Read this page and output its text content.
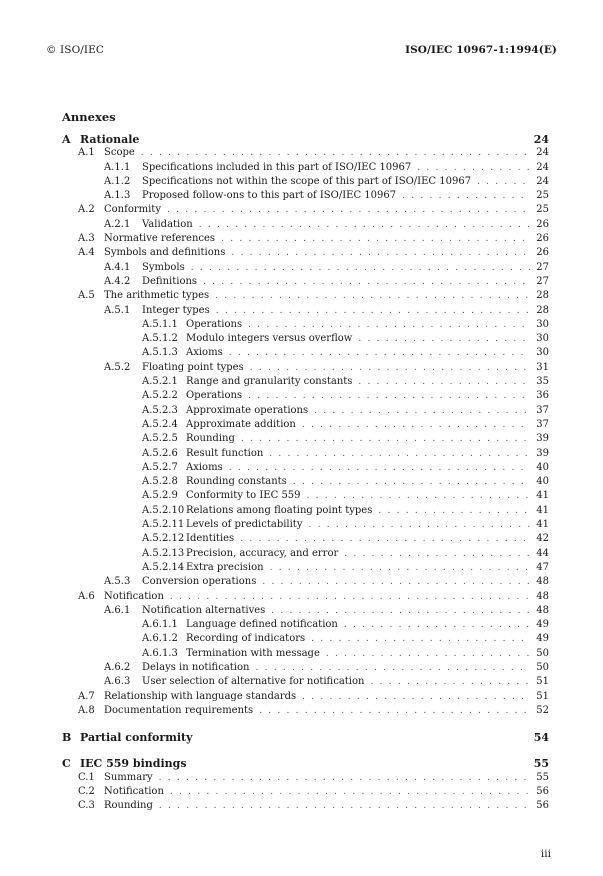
© ISO/IEC	ISO/IEC 10967-1:1994(E)
Annexes
A Rationale	24
A.1 Scope . . .	24
A.1.1	Specifications included in this part of ISO/IEC 10967 . . .	24
A.1.2	Specifications not within the scope of this part of ISO/IEC 10967 . . .	24
A.1.3	Proposed follow-ons to this part of ISO/IEC 10967 . . .	25
A.2 Conformity . . .	25
A.2.1	Validation . . .	26
A.3 Normative references . . .	26
A.4 Symbols and definitions . . .	26
A.4.1	Symbols . . .	27
A.4.2	Definitions . . .	27
A.5 The arithmetic types . . .	28
A.5.1	Integer types . . .	28
A.5.1.1 Operations . . .	30
A.5.1.2 Modulo integers versus overflow . . .	30
A.5.1.3 Axioms . . .	30
A.5.2	Floating point types . . .	31
A.5.2.1 Range and granularity constants . . .	35
A.5.2.2 Operations . . .	36
A.5.2.3 Approximate operations . . .	37
A.5.2.4 Approximate addition . . .	37
A.5.2.5 Rounding . . .	39
A.5.2.6 Result function . . .	39
A.5.2.7 Axioms . . .	40
A.5.2.8 Rounding constants . . .	40
A.5.2.9 Conformity to IEC 559 . . .	41
A.5.2.10 Relations among floating point types . . .	41
A.5.2.11 Levels of predictability . . .	41
A.5.2.12 Identities . . .	42
A.5.2.13 Precision, accuracy, and error . . .	44
A.5.2.14 Extra precision . . .	47
A.5.3	Conversion operations . . .	48
A.6 Notification . . .	48
A.6.1	Notification alternatives . . .	48
A.6.1.1 Language defined notification . . .	49
A.6.1.2 Recording of indicators . . .	49
A.6.1.3 Termination with message . . .	50
A.6.2	Delays in notification . . .	50
A.6.3	User selection of alternative for notification . . .	51
A.7 Relationship with language standards . . .	51
A.8 Documentation requirements . . .	52
B Partial conformity	54
C IEC 559 bindings	55
C.1 Summary . . .	55
C.2 Notification . . .	56
C.3 Rounding . . .	56
iii
